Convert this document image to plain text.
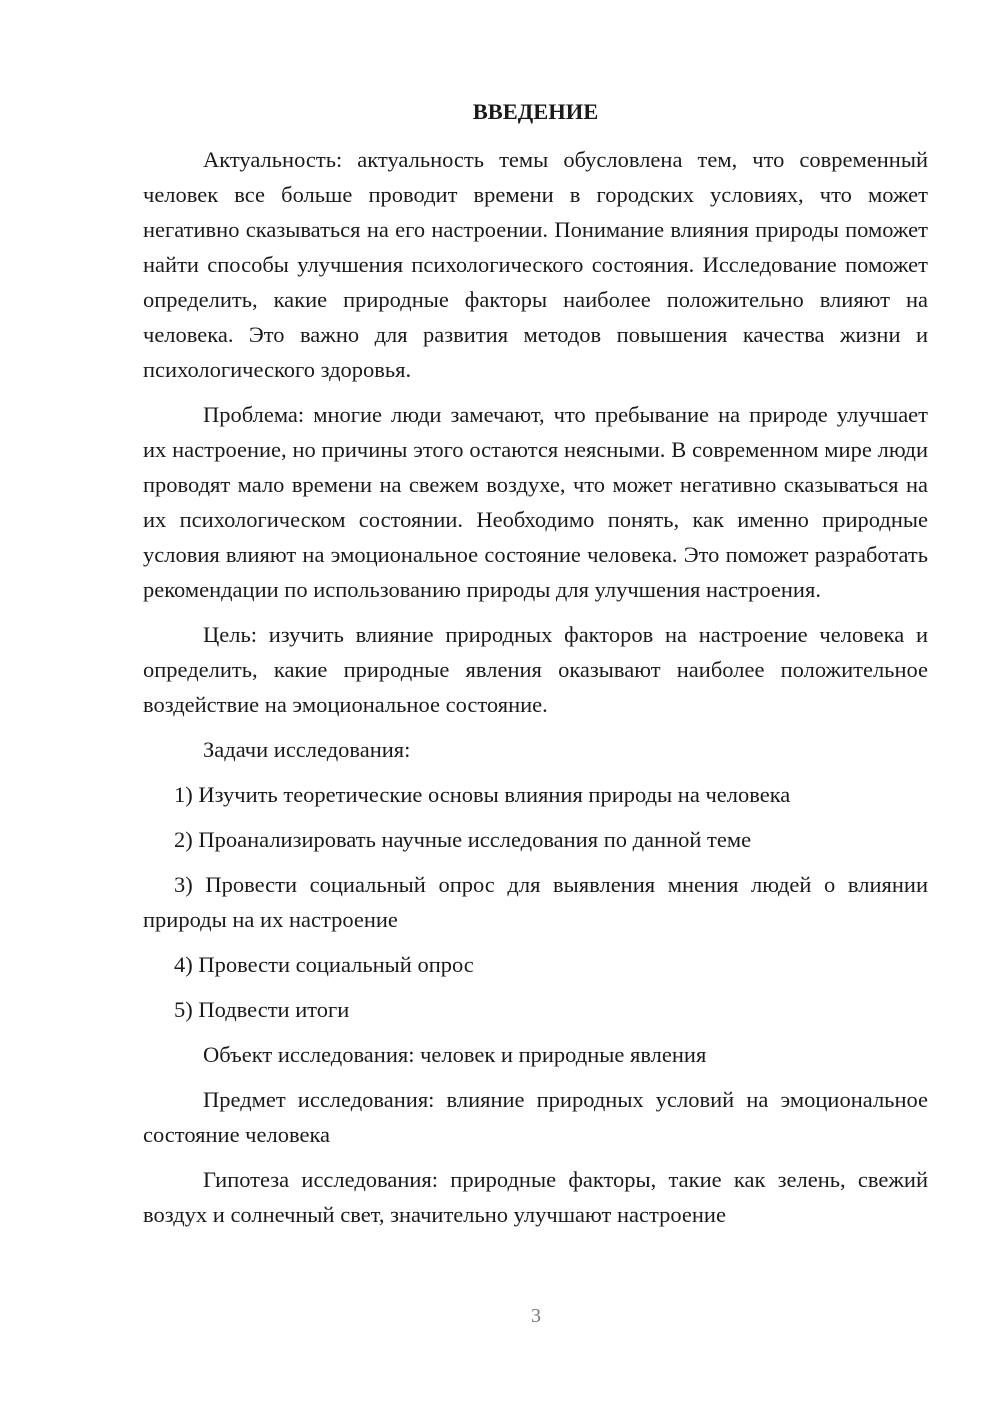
ВВЕДЕНИЕ
Актуальность: актуальность темы обусловлена тем, что современный человек все больше проводит времени в городских условиях, что может негативно сказываться на его настроении. Понимание влияния природы поможет найти способы улучшения психологического состояния. Исследование поможет определить, какие природные факторы наиболее положительно влияют на человека. Это важно для развития методов повышения качества жизни и психологического здоровья.
Проблема: многие люди замечают, что пребывание на природе улучшает их настроение, но причины этого остаются неясными. В современном мире люди проводят мало времени на свежем воздухе, что может негативно сказываться на их психологическом состоянии. Необходимо понять, как именно природные условия влияют на эмоциональное состояние человека. Это поможет разработать рекомендации по использованию природы для улучшения настроения.
Цель: изучить влияние природных факторов на настроение человека и определить, какие природные явления оказывают наиболее положительное воздействие на эмоциональное состояние.
Задачи исследования:
1) Изучить теоретические основы влияния природы на человека
2) Проанализировать научные исследования по данной теме
3) Провести социальный опрос для выявления мнения людей о влиянии природы на их настроение
4) Провести социальный опрос
5) Подвести итоги
Объект исследования: человек и природные явления
Предмет исследования: влияние природных условий на эмоциональное состояние человека
Гипотеза исследования: природные факторы, такие как зелень, свежий воздух и солнечный свет, значительно улучшают настроение
3
